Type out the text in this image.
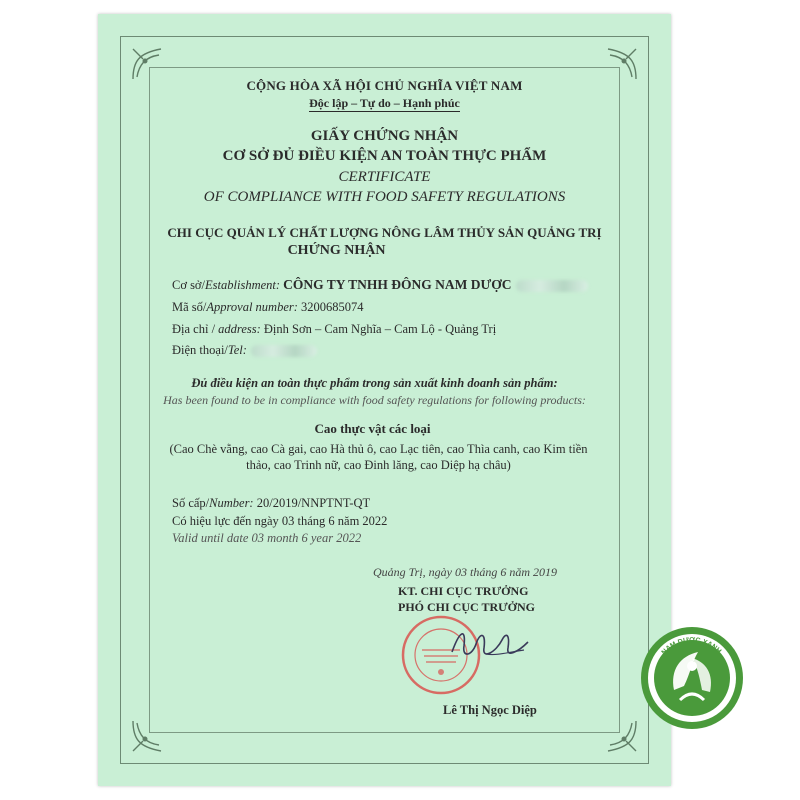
CỘNG HÒA XÃ HỘI CHỦ NGHĨA VIỆT NAM
Độc lập – Tự do – Hạnh phúc
GIẤY CHỨNG NHẬN
CƠ SỞ ĐỦ ĐIỀU KIỆN AN TOÀN THỰC PHẨM
CERTIFICATE
OF COMPLIANCE WITH FOOD SAFETY REGULATIONS
CHI CỤC QUẢN LÝ CHẤT LƯỢNG NÔNG LÂM THỦY SẢN QUẢNG TRỊ
CHỨNG NHẬN
Cơ sở/Establishment: CÔNG TY TNHH ĐÔNG NAM DƯỢC
Mã số/Approval number: 3200685074
Địa chỉ / address: Định Sơn – Cam Nghĩa – Cam Lộ - Quảng Trị
Điện thoại/Tel:
Đủ điều kiện an toàn thực phẩm trong sản xuất kinh doanh sản phẩm:
Has been found to be in compliance with food safety regulations for following products:
Cao thực vật các loại
(Cao Chè vằng, cao Cà gai, cao Hà thủ ô, cao Lạc tiên, cao Thìa canh, cao Kim tiền
thảo, cao Trinh nữ, cao Đinh lăng, cao Diệp hạ châu)
Số cấp/Number: 20/2019/NNPTNT-QT
Có hiệu lực đến ngày 03 tháng 6 năm 2022
Valid until date 03 month 6 year 2022
Quảng Trị, ngày 03 tháng 6 năm 2019
KT. CHI CỤC TRƯỞNG
PHÓ CHI CỤC TRƯỞNG
Lê Thị Ngọc Diệp
NAM DƯỢC XANH
